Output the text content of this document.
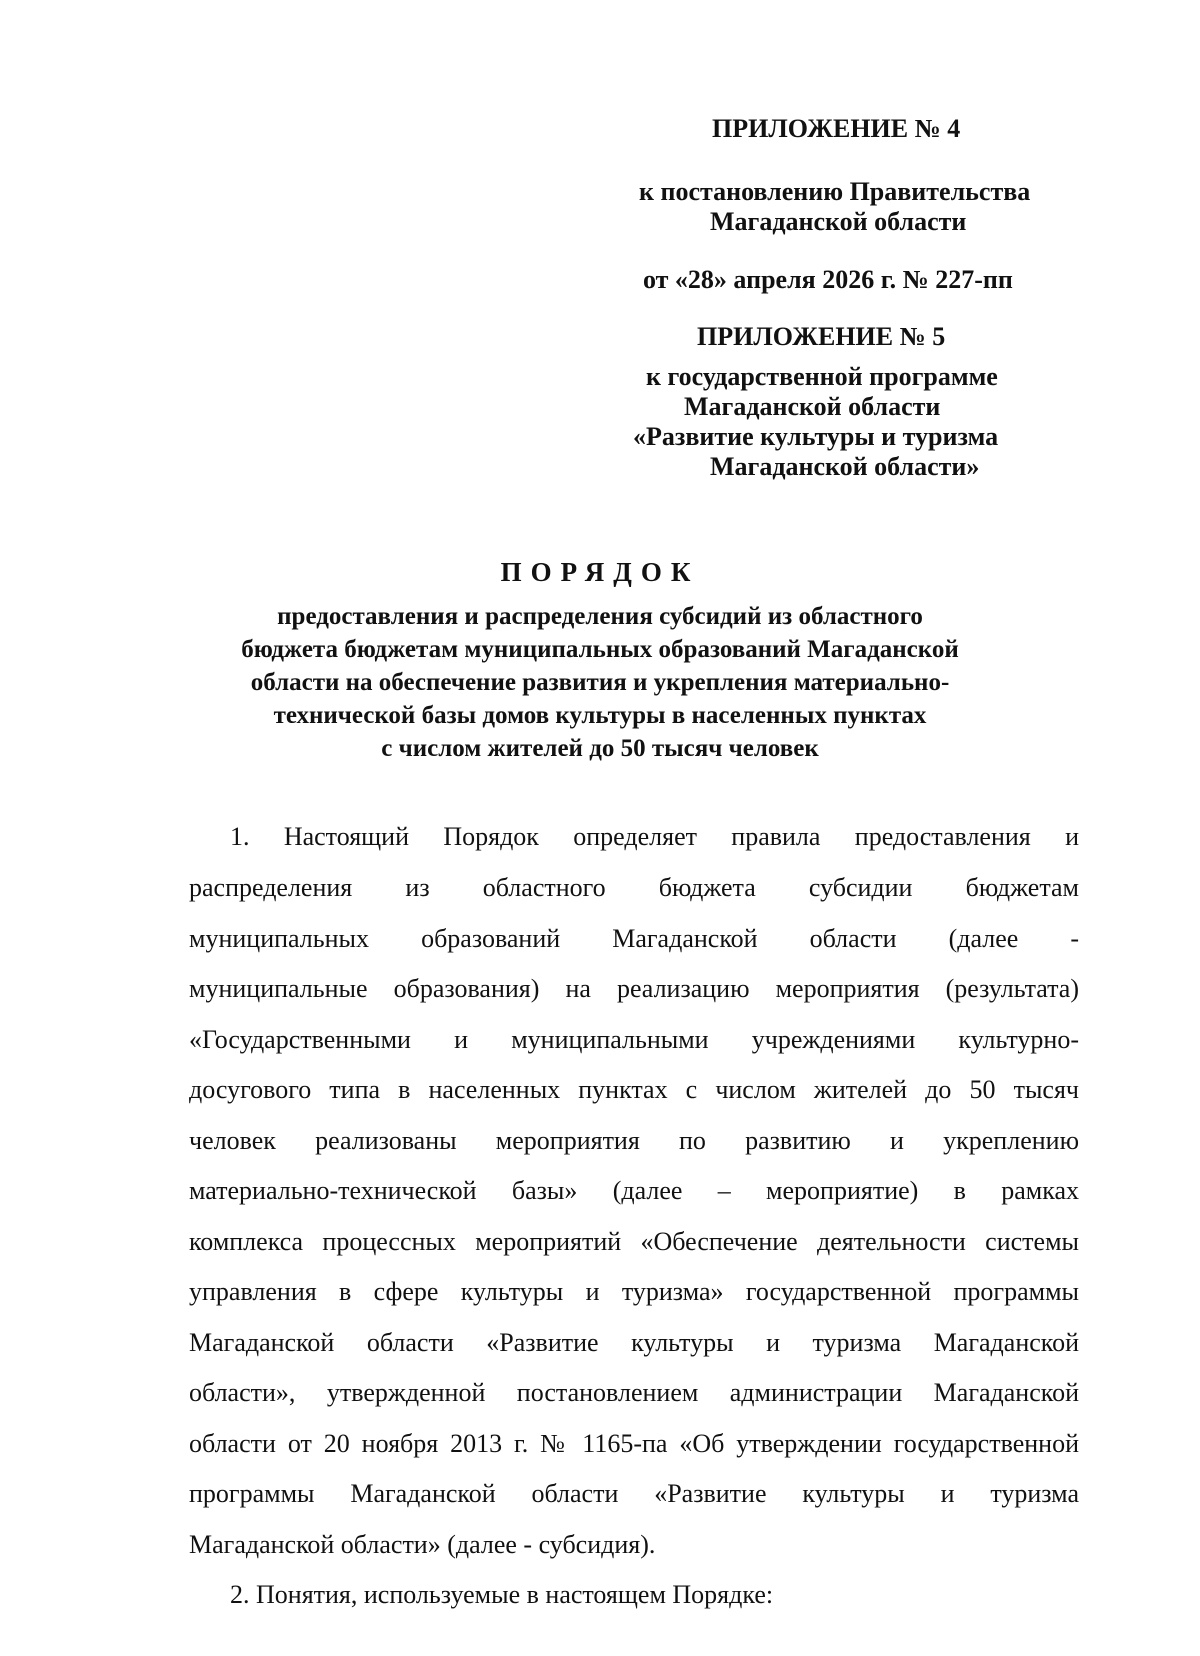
ПРИЛОЖЕНИЕ № 4
к постановлению Правительства
Магаданской области
от «28» апреля 2026 г. № 227-пп
ПРИЛОЖЕНИЕ № 5
к государственной программе
Магаданской области
«Развитие культуры и туризма
Магаданской области»
ПОРЯДОК
предоставления и распределения субсидий из областного
бюджета бюджетам муниципальных образований Магаданской
области на обеспечение развития и укрепления материально-
технической базы домов культуры в населенных пунктах
с числом жителей до 50 тысяч человек
1. Настоящий Порядок определяет правила предоставления и
распределения из областного бюджета субсидии бюджетам
муниципальных образований Магаданской области (далее -
муниципальные образования) на реализацию мероприятия (результата)
«Государственными и муниципальными учреждениями культурно-
досугового типа в населенных пунктах с числом жителей до 50 тысяч
человек реализованы мероприятия по развитию и укреплению
материально-технической базы» (далее – мероприятие) в рамках
комплекса процессных мероприятий «Обеспечение деятельности системы
управления в сфере культуры и туризма» государственной программы
Магаданской области «Развитие культуры и туризма Магаданской
области», утвержденной постановлением администрации Магаданской
области от 20 ноября 2013 г. № 1165-па «Об утверждении государственной
программы Магаданской области «Развитие культуры и туризма
Магаданской области» (далее - субсидия).
2. Понятия, используемые в настоящем Порядке:
